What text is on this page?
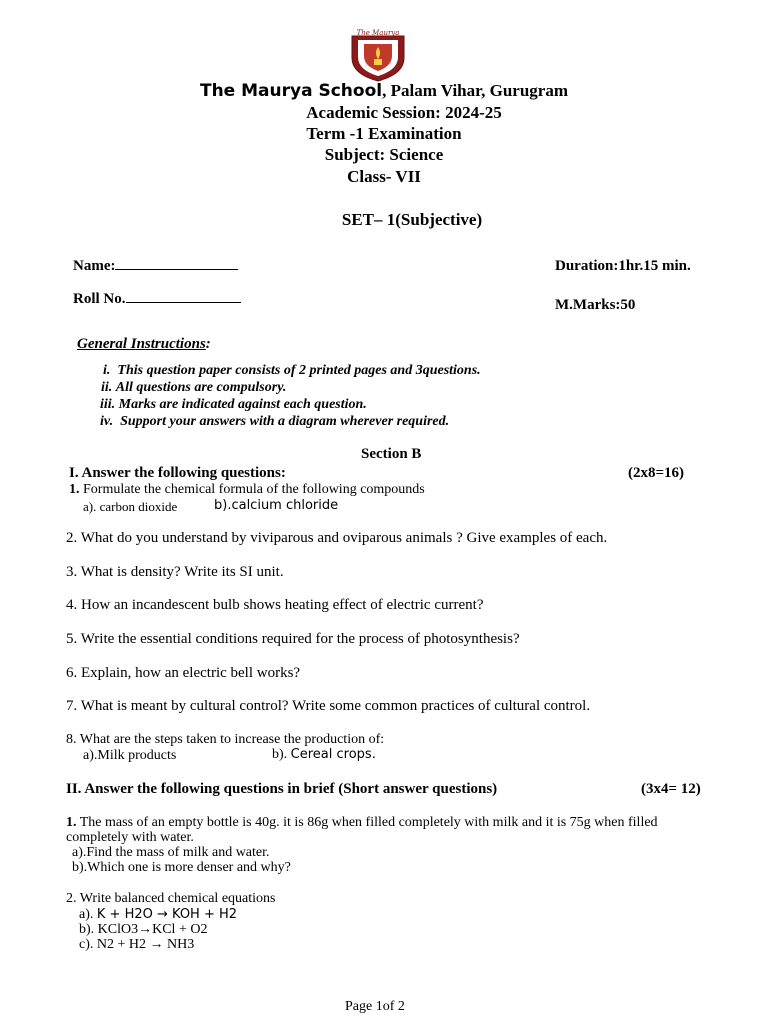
The Maurya
The Maurya School, Palam Vihar, Gurugram
Academic Session: 2024-25
Term -1 Examination
Subject: Science
Class- VII
SET– 1(Subjective)
Name:	Duration:1hr.15 min.
Roll No.	M.Marks:50
General Instructions:
i. This question paper consists of 2 printed pages and 3questions.
ii. All questions are compulsory.
iii. Marks are indicated against each question.
iv. Support your answers with a diagram wherever required.
Section B
I. Answer the following questions:	(2x8=16)
1. Formulate the chemical formula of the following compounds
a). carbon dioxide	b).calcium chloride
2. What do you understand by viviparous and oviparous animals ? Give examples of each.
3. What is density? Write its SI unit.
4. How an incandescent bulb shows heating effect of electric current?
5. Write the essential conditions required for the process of photosynthesis?
6. Explain, how an electric bell works?
7. What is meant by cultural control? Write some common practices of cultural control.
8. What are the steps taken to increase the production of:
a).Milk products	b). Cereal crops.
II. Answer the following questions in brief (Short answer questions)	(3x4= 12)
1. The mass of an empty bottle is 40g. it is 86g when filled completely with milk and it is 75g when filled
completely with water.
a).Find the mass of milk and water.
b).Which one is more denser and why?
2. Write balanced chemical equations
a). K + H2O → KOH + H2
b). KClO3→KCl + O2
c). N2 + H2 → NH3
Page 1of 2
